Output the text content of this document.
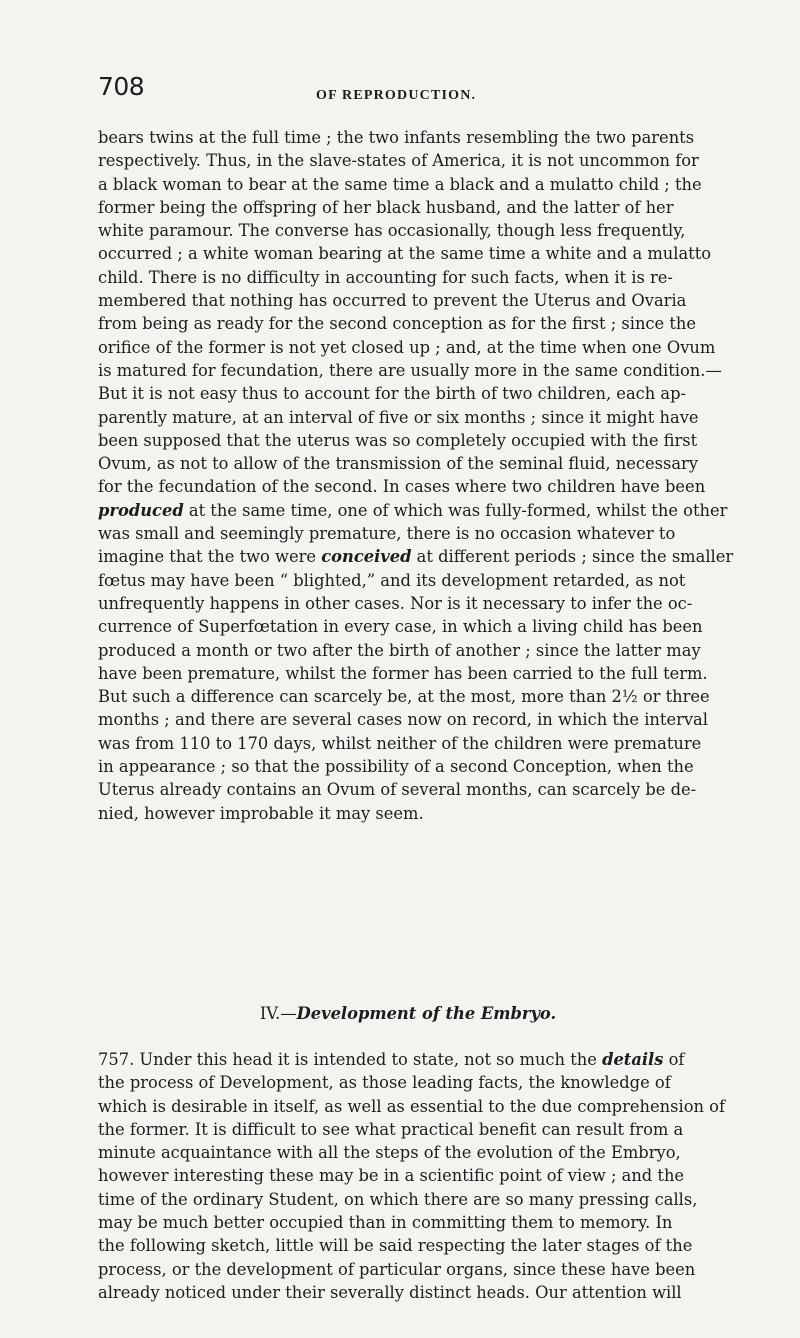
708	OF REPRODUCTION.
bears twins at the full time ; the two infants resembling the two parents
respectively. Thus, in the slave-states of America, it is not uncommon for
a black woman to bear at the same time a black and a mulatto child ; the
former being the offspring of her black husband, and the latter of her
white paramour. The converse has occasionally, though less frequently,
occurred ; a white woman bearing at the same time a white and a mulatto
child. There is no difficulty in accounting for such facts, when it is re-
membered that nothing has occurred to prevent the Uterus and Ovaria
from being as ready for the second conception as for the first ; since the
orifice of the former is not yet closed up ; and, at the time when one Ovum
is matured for fecundation, there are usually more in the same condition.—
But it is not easy thus to account for the birth of two children, each ap-
parently mature, at an interval of five or six months ; since it might have
been supposed that the uterus was so completely occupied with the first
Ovum, as not to allow of the transmission of the seminal fluid, necessary
for the fecundation of the second. In cases where two children have been
produced at the same time, one of which was fully-formed, whilst the other
was small and seemingly premature, there is no occasion whatever to
imagine that the two were conceived at different periods ; since the smaller
fœtus may have been “ blighted,” and its development retarded, as not
unfrequently happens in other cases. Nor is it necessary to infer the oc-
currence of Superfœtation in every case, in which a living child has been
produced a month or two after the birth of another ; since the latter may
have been premature, whilst the former has been carried to the full term.
But such a difference can scarcely be, at the most, more than 2½ or three
months ; and there are several cases now on record, in which the interval
was from 110 to 170 days, whilst neither of the children were premature
in appearance ; so that the possibility of a second Conception, when the
Uterus already contains an Ovum of several months, can scarcely be de-
nied, however improbable it may seem.
IV.—Development of the Embryo.
757. Under this head it is intended to state, not so much the details of
the process of Development, as those leading facts, the knowledge of
which is desirable in itself, as well as essential to the due comprehension of
the former. It is difficult to see what practical benefit can result from a
minute acquaintance with all the steps of the evolution of the Embryo,
however interesting these may be in a scientific point of view ; and the
time of the ordinary Student, on which there are so many pressing calls,
may be much better occupied than in committing them to memory. In
the following sketch, little will be said respecting the later stages of the
process, or the development of particular organs, since these have been
already noticed under their severally distinct heads. Our attention will
